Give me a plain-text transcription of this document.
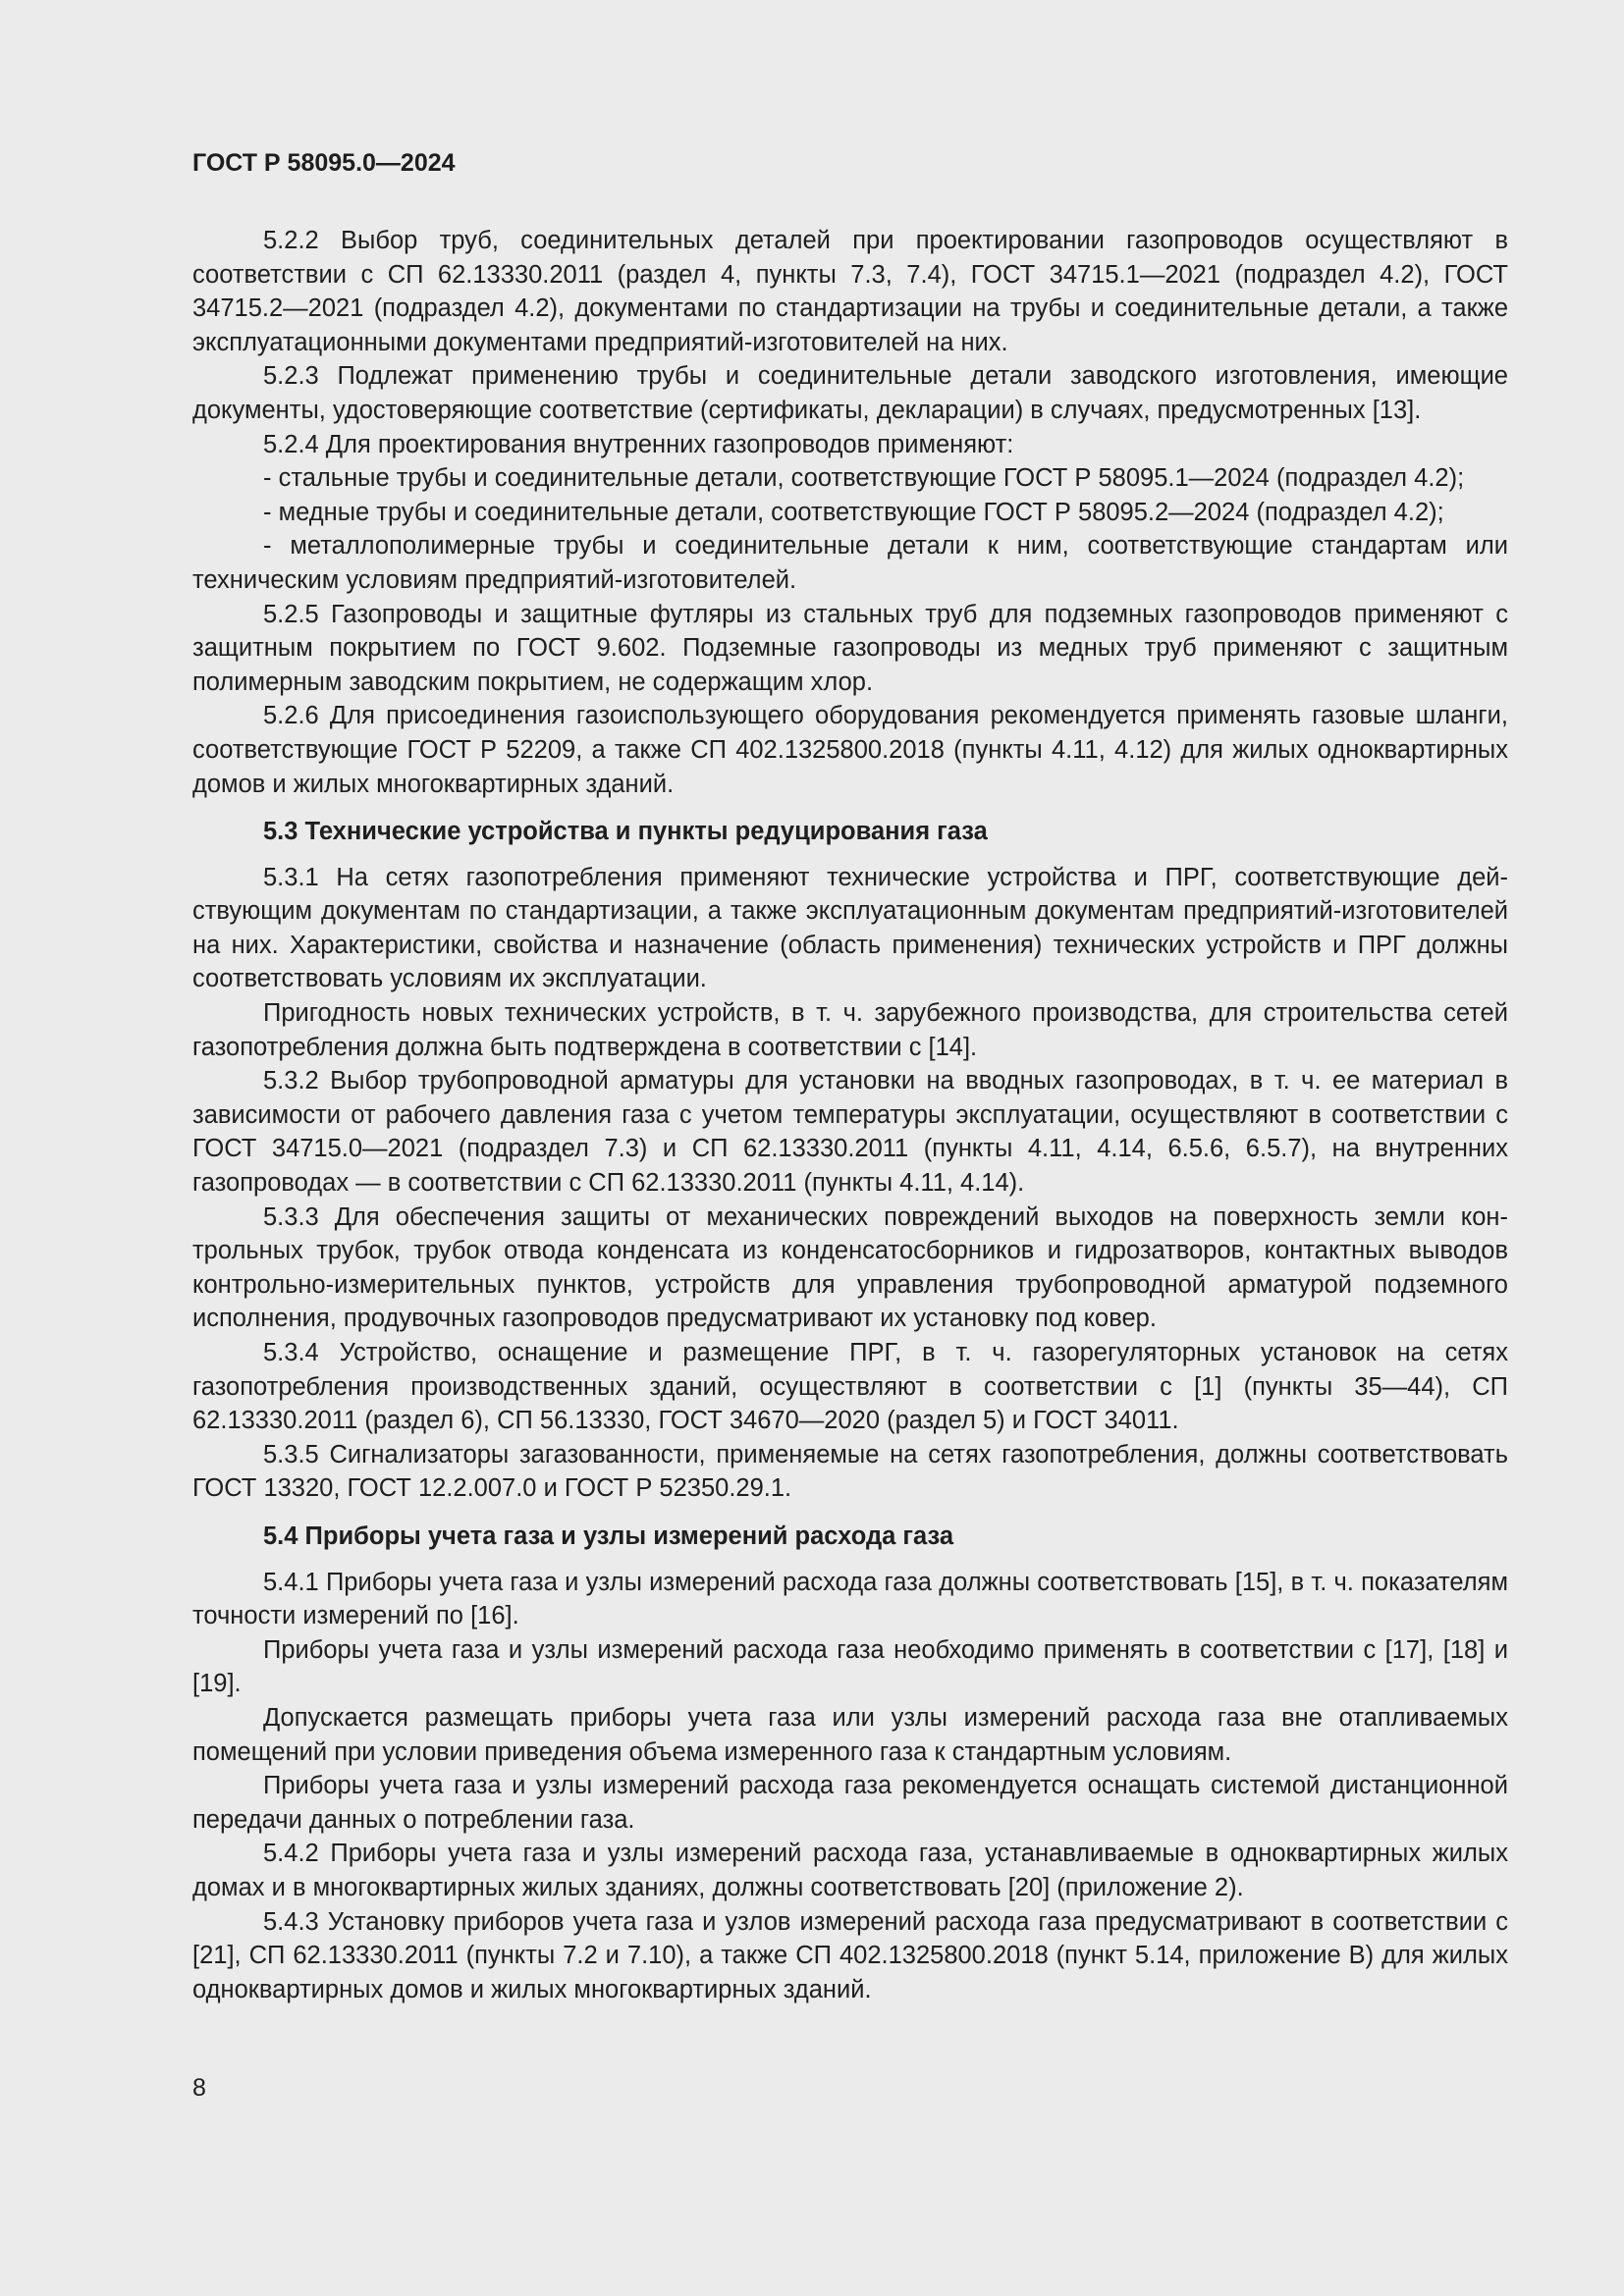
ГОСТ Р 58095.0—2024

5.2.2 Выбор труб, соединительных деталей при проектировании газопроводов осуществляют в соответствии с СП 62.13330.2011 (раздел 4, пункты 7.3, 7.4), ГОСТ 34715.1—2021 (подраздел 4.2), ГОСТ 34715.2—2021 (подраздел 4.2), документами по стандартизации на трубы и соединительные детали, а также эксплуатационными документами предприятий-изготовителей на них.

5.2.3 Подлежат применению трубы и соединительные детали заводского изготовления, имеющие документы, удостоверяющие соответствие (сертификаты, декларации) в случаях, предусмотренных [13].

5.2.4 Для проектирования внутренних газопроводов применяют:

- стальные трубы и соединительные детали, соответствующие ГОСТ Р 58095.1—2024 (подраздел 4.2);

- медные трубы и соединительные детали, соответствующие ГОСТ Р 58095.2—2024 (подраздел 4.2);

- металлополимерные трубы и соединительные детали к ним, соответствующие стандартам или техническим условиям предприятий-изготовителей.

5.2.5 Газопроводы и защитные футляры из стальных труб для подземных газопроводов применяют с защитным покрытием по ГОСТ 9.602. Подземные газопроводы из медных труб применяют с защитным полимерным заводским покрытием, не содержащим хлор.

5.2.6 Для присоединения газоиспользующего оборудования рекомендуется применять газовые шланги, соответствующие ГОСТ Р 52209, а также СП 402.1325800.2018 (пункты 4.11, 4.12) для жилых одноквартирных домов и жилых многоквартирных зданий.

5.3 Технические устройства и пункты редуцирования газа

5.3.1 На сетях газопотребления применяют технические устройства и ПРГ, соответствующие действующим документам по стандартизации, а также эксплуатационным документам предприятий-изготовителей на них. Характеристики, свойства и назначение (область применения) технических устройств и ПРГ должны соответствовать условиям их эксплуатации.

Пригодность новых технических устройств, в т. ч. зарубежного производства, для строительства сетей газопотребления должна быть подтверждена в соответствии с [14].

5.3.2 Выбор трубопроводной арматуры для установки на вводных газопроводах, в т. ч. ее материал в зависимости от рабочего давления газа с учетом температуры эксплуатации, осуществляют в соответствии с ГОСТ 34715.0—2021 (подраздел 7.3) и СП 62.13330.2011 (пункты 4.11, 4.14, 6.5.6, 6.5.7), на внутренних газопроводах — в соответствии с СП 62.13330.2011 (пункты 4.11, 4.14).

5.3.3 Для обеспечения защиты от механических повреждений выходов на поверхность земли контрольных трубок, трубок отвода конденсата из конденсатосборников и гидрозатворов, контактных выводов контрольно-измерительных пунктов, устройств для управления трубопроводной арматурой подземного исполнения, продувочных газопроводов предусматривают их установку под ковер.

5.3.4 Устройство, оснащение и размещение ПРГ, в т. ч. газорегуляторных установок на сетях газопотребления производственных зданий, осуществляют в соответствии с [1] (пункты 35—44), СП 62.13330.2011 (раздел 6), СП 56.13330, ГОСТ 34670—2020 (раздел 5) и ГОСТ 34011.

5.3.5 Сигнализаторы загазованности, применяемые на сетях газопотребления, должны соответствовать ГОСТ 13320, ГОСТ 12.2.007.0 и ГОСТ Р 52350.29.1.

5.4 Приборы учета газа и узлы измерений расхода газа

5.4.1 Приборы учета газа и узлы измерений расхода газа должны соответствовать [15], в т. ч. показателям точности измерений по [16].

Приборы учета газа и узлы измерений расхода газа необходимо применять в соответствии с [17], [18] и [19].

Допускается размещать приборы учета газа или узлы измерений расхода газа вне отапливаемых помещений при условии приведения объема измеренного газа к стандартным условиям.

Приборы учета газа и узлы измерений расхода газа рекомендуется оснащать системой дистанционной передачи данных о потреблении газа.

5.4.2 Приборы учета газа и узлы измерений расхода газа, устанавливаемые в одноквартирных жилых домах и в многоквартирных жилых зданиях, должны соответствовать [20] (приложение 2).

5.4.3 Установку приборов учета газа и узлов измерений расхода газа предусматривают в соответствии с [21], СП 62.13330.2011 (пункты 7.2 и 7.10), а также СП 402.1325800.2018 (пункт 5.14, приложение В) для жилых одноквартирных домов и жилых многоквартирных зданий.

8
